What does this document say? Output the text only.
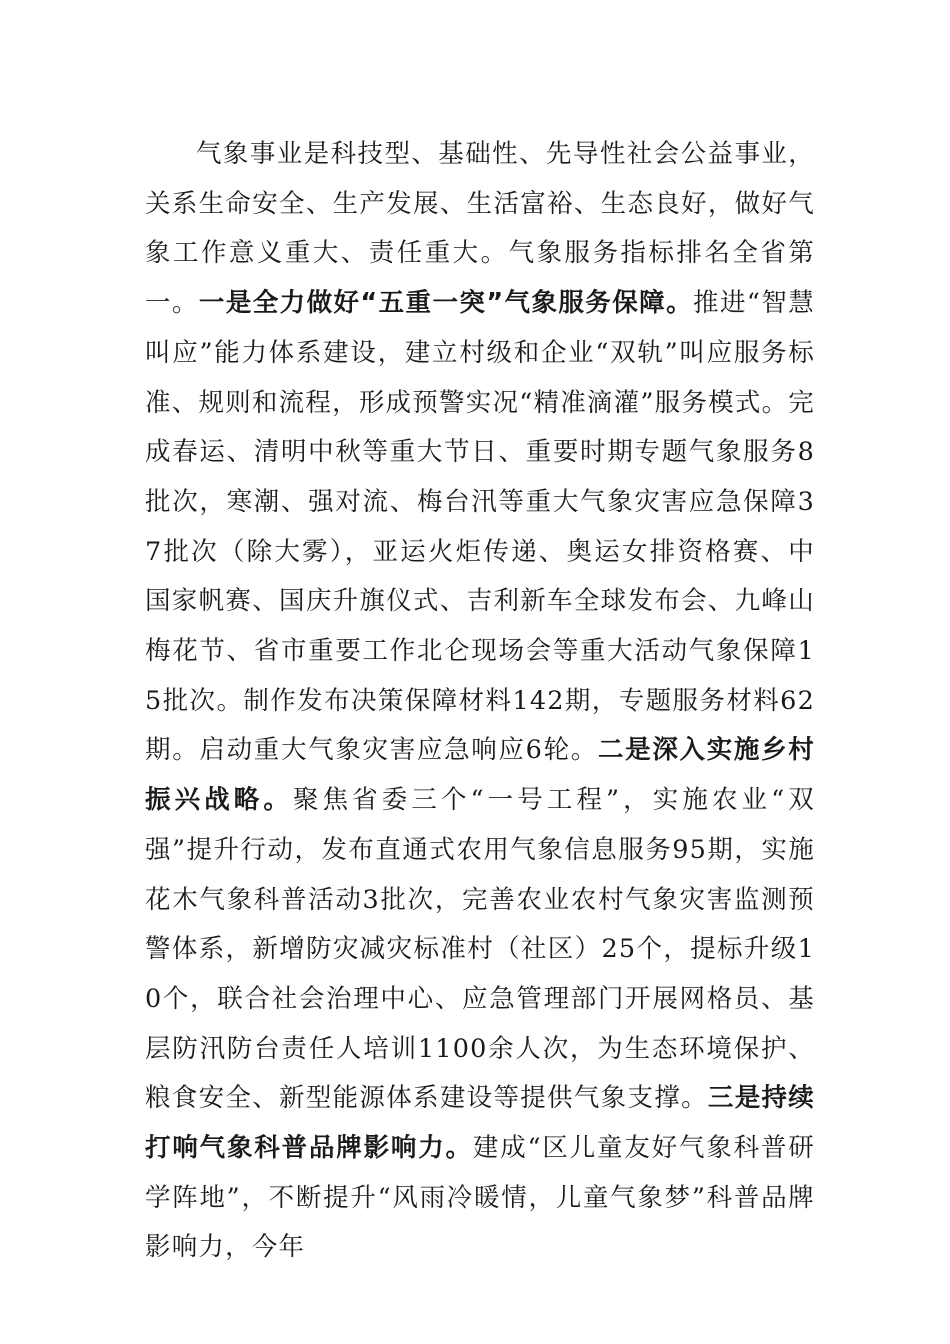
气象事业是科技型、基础性、先导性社会公益事业，关系生命安全、生产发展、生活富裕、生态良好，做好气象工作意义重大、责任重大。气象服务指标排名全省第一。一是全力做好“五重一突”气象服务保障。推进“智慧叫应”能力体系建设，建立村级和企业“双轨”叫应服务标准、规则和流程，形成预警实况“精准滴灌”服务模式。完成春运、清明中秋等重大节日、重要时期专题气象服务8批次，寒潮、强对流、梅台汛等重大气象灾害应急保障37批次（除大雾），亚运火炬传递、奥运女排资格赛、中国家帆赛、国庆升旗仪式、吉利新车全球发布会、九峰山梅花节、省市重要工作北仑现场会等重大活动气象保障15批次。制作发布决策保障材料142期，专题服务材料62期。启动重大气象灾害应急响应6轮。二是深入实施乡村振兴战略。聚焦省委三个“一号工程”，实施农业“双强”提升行动，发布直通式农用气象信息服务95期，实施花木气象科普活动3批次，完善农业农村气象灾害监测预警体系，新增防灾减灾标准村（社区）25个，提标升级10个，联合社会治理中心、应急管理部门开展网格员、基层防汛防台责任人培训1100余人次，为生态环境保护、粮食安全、新型能源体系建设等提供气象支撑。三是持续打响气象科普品牌影响力。建成“区儿童友好气象科普研学阵地”，不断提升“风雨冷暖情，儿童气象梦”科普品牌影响力，今年
